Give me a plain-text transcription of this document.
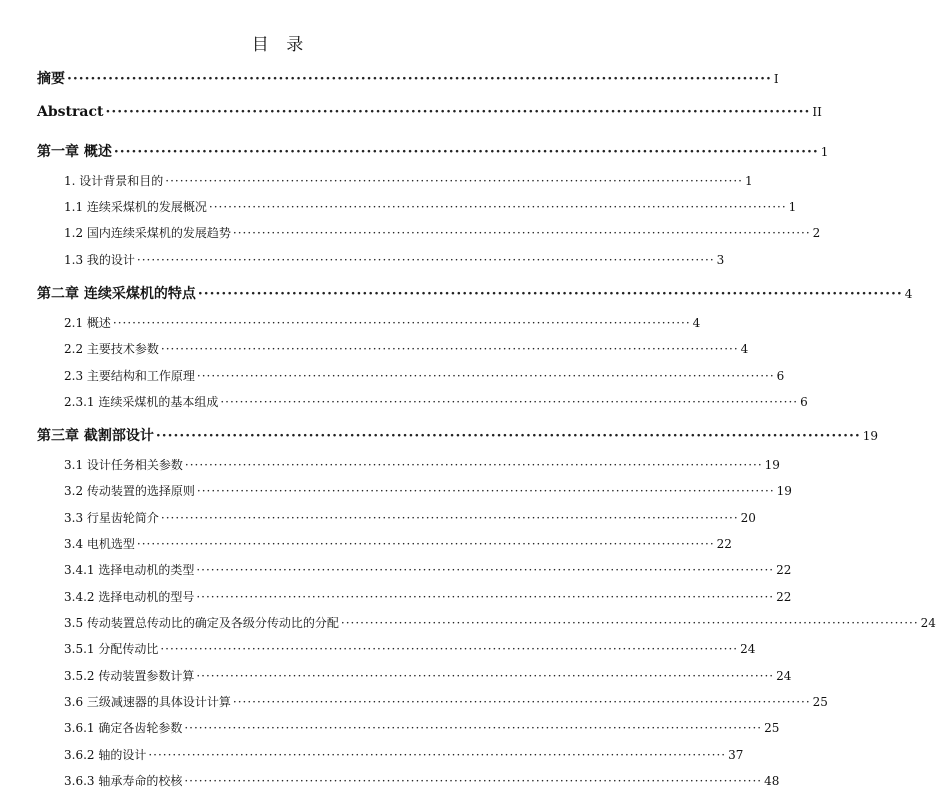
目 录
摘要 ························································································································ I
Abstract ························································································································ II
第一章 概述 ························································································································ 1
1. 设计背景和目的 ························································································································ 1
1.1 连续采煤机的发展概况 ························································································································ 1
1.2 国内连续采煤机的发展趋势 ························································································································ 2
1.3 我的设计 ························································································································ 3
第二章 连续采煤机的特点 ························································································································ 4
2.1 概述 ························································································································ 4
2.2 主要技术参数 ························································································································ 4
2.3 主要结构和工作原理 ························································································································ 6
2.3.1 连续采煤机的基本组成 ························································································································ 6
第三章 截割部设计 ························································································································ 19
3.1 设计任务相关参数 ························································································································ 19
3.2 传动装置的选择原则 ························································································································ 19
3.3 行星齿轮简介 ························································································································ 20
3.4 电机选型 ························································································································ 22
3.4.1 选择电动机的类型 ························································································································ 22
3.4.2 选择电动机的型号 ························································································································ 22
3.5 传动装置总传动比的确定及各级分传动比的分配 ························································································································ 24
3.5.1 分配传动比 ························································································································ 24
3.5.2 传动装置参数计算 ························································································································ 24
3.6 三级减速器的具体设计计算 ························································································································ 25
3.6.1 确定各齿轮参数 ························································································································ 25
3.6.2 轴的设计 ························································································································ 37
3.6.3 轴承寿命的校核 ························································································································ 48
